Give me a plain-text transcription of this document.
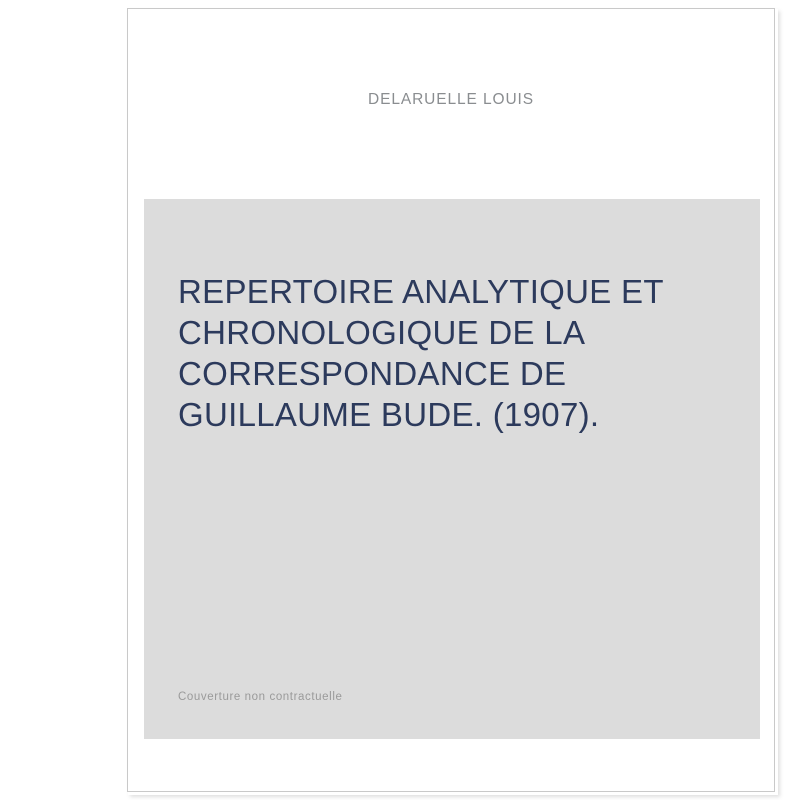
DELARUELLE LOUIS
REPERTOIRE ANALYTIQUE ET CHRONOLOGIQUE DE LA CORRESPONDANCE DE GUILLAUME BUDE. (1907).
Couverture non contractuelle
